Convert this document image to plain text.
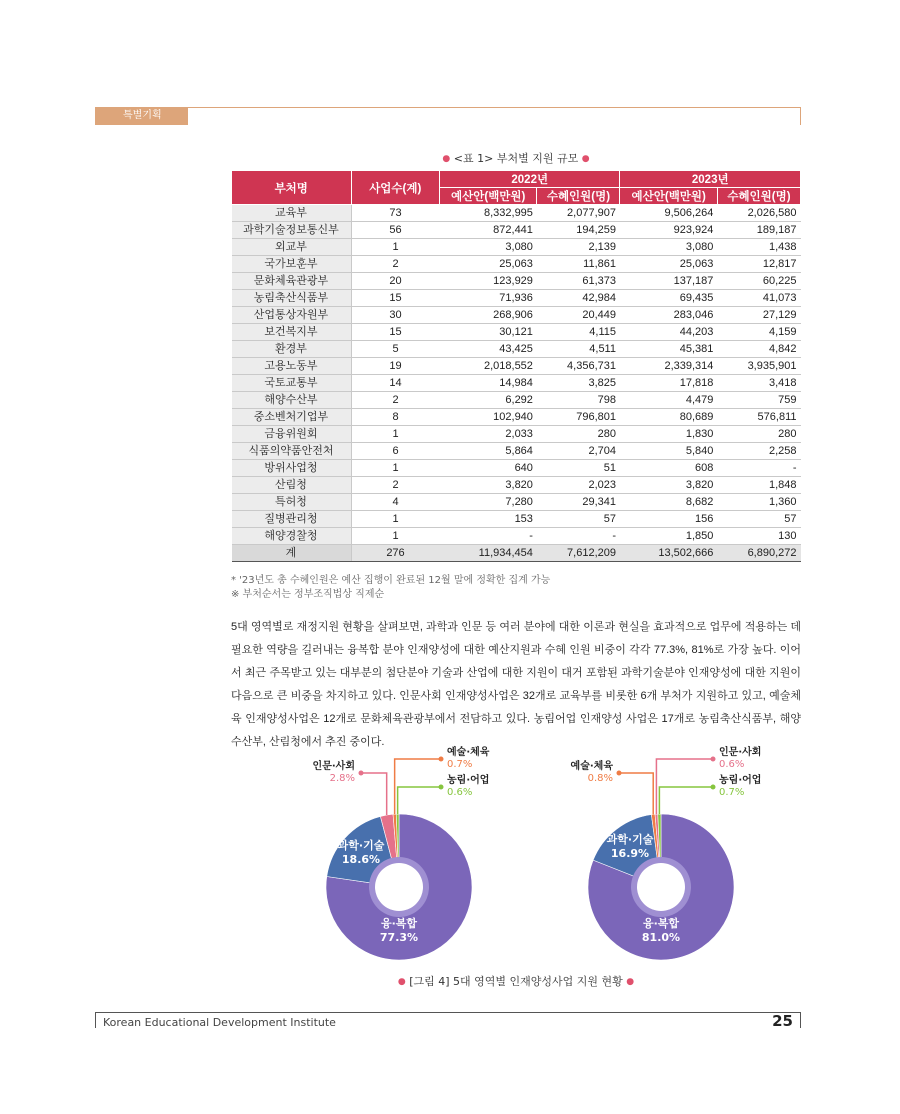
특별기획
● <표 1> 부처별 지원 규모 ●
부처명	사업수(계)	2022년		2023년	
		예산안(백만원)	수혜인원(명)	예산안(백만원)	수혜인원(명)
교육부	73	8,332,995	2,077,907	9,506,264	2,026,580
과학기술정보통신부	56	872,441	194,259	923,924	189,187
외교부	1	3,080	2,139	3,080	1,438
국가보훈부	2	25,063	11,861	25,063	12,817
문화체육관광부	20	123,929	61,373	137,187	60,225
농림축산식품부	15	71,936	42,984	69,435	41,073
산업통상자원부	30	268,906	20,449	283,046	27,129
보건복지부	15	30,121	4,115	44,203	4,159
환경부	5	43,425	4,511	45,381	4,842
고용노동부	19	2,018,552	4,356,731	2,339,314	3,935,901
국토교통부	14	14,984	3,825	17,818	3,418
해양수산부	2	6,292	798	4,479	759
중소벤처기업부	8	102,940	796,801	80,689	576,811
금융위원회	1	2,033	280	1,830	280
식품의약품안전처	6	5,864	2,704	5,840	2,258
방위사업청	1	640	51	608	-
산림청	2	3,820	2,023	3,820	1,848
특허청	4	7,280	29,341	8,682	1,360
질병관리청	1	153	57	156	57
해양경찰청	1	-	-	1,850	130
계	276	11,934,454	7,612,209	13,502,666	6,890,272
* '23년도 총 수혜인원은 예산 집행이 완료된 12월 말에 정확한 집계 가능
※ 부처순서는 정부조직법상 직제순
5대 영역별로 재정지원 현황을 살펴보면, 과학과 인문 등 여러 분야에 대한 이론과 현실을 효과적으로 업무에 적용하는 데 필요한 역량을 길러내는 융복합 분야 인재양성에 대한 예산지원과 수혜 인원 비중이 각각 77.3%, 81%로 가장 높다. 이어서 최근 주목받고 있는 대부분의 첨단분야 기술과 산업에 대한 지원이 대거 포함된 과학기술분야 인재양성에 대한 지원이 다음으로 큰 비중을 차지하고 있다. 인문사회 인재양성사업은 32개로 교육부를 비롯한 6개 부처가 지원하고 있고, 예술체육 인재양성사업은 12개로 문화체육관광부에서 전담하고 있다. 농림어업 인재양성 사업은 17개로 농림축산식품부, 해양수산부, 산림청에서 추진 중이다.
융·복합
77.3%
과학·기술
18.6%
인문·사회
2.8%
예술·체육
0.7%
농림·어업
0.6%
융·복합
81.0%
과학·기술
16.9%
예술·체육
0.8%
인문·사회
0.6%
농림·어업
0.7%
● [그림 4] 5대 영역별 인재양성사업 지원 현황 ●
Korean Educational Development Institute	25
